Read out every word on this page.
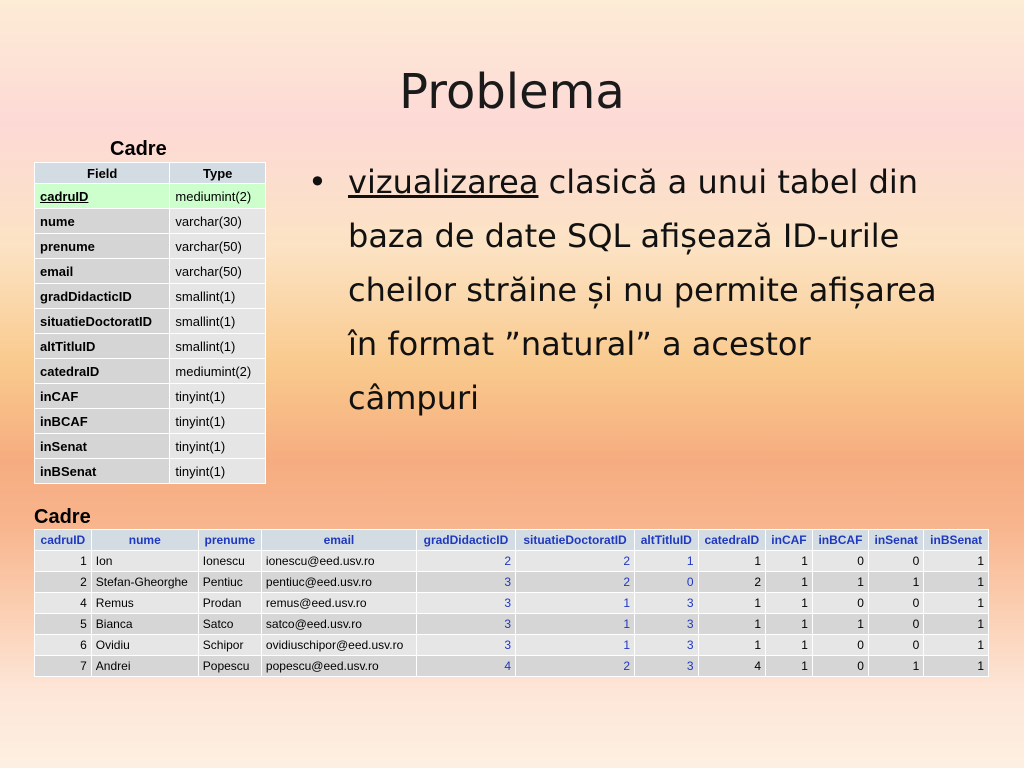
Problema
Cadre
Field	Type
cadruID	mediumint(2)
nume	varchar(30)
prenume	varchar(50)
email	varchar(50)
gradDidacticID	smallint(1)
situatieDoctoratID	smallint(1)
altTitluID	smallint(1)
catedraID	mediumint(2)
inCAF	tinyint(1)
inBCAF	tinyint(1)
inSenat	tinyint(1)
inBSenat	tinyint(1)
• vizualizarea clasică a unui tabel din baza de date SQL afișează ID-urile cheilor străine și nu permite afișarea în format ”natural” a acestor câmpuri
Cadre
cadruID	nume	prenume	email	gradDidacticID	situatieDoctoratID	altTitluID	catedraID	inCAF	inBCAF	inSenat	inBSenat
1	Ion	Ionescu	ionescu@eed.usv.ro	2	2	1	1	1	0	0	1
2	Stefan-Gheorghe	Pentiuc	pentiuc@eed.usv.ro	3	2	0	2	1	1	1	1
4	Remus	Prodan	remus@eed.usv.ro	3	1	3	1	1	0	0	1
5	Bianca	Satco	satco@eed.usv.ro	3	1	3	1	1	1	0	1
6	Ovidiu	Schipor	ovidiuschipor@eed.usv.ro	3	1	3	1	1	0	0	1
7	Andrei	Popescu	popescu@eed.usv.ro	4	2	3	4	1	0	1	1
